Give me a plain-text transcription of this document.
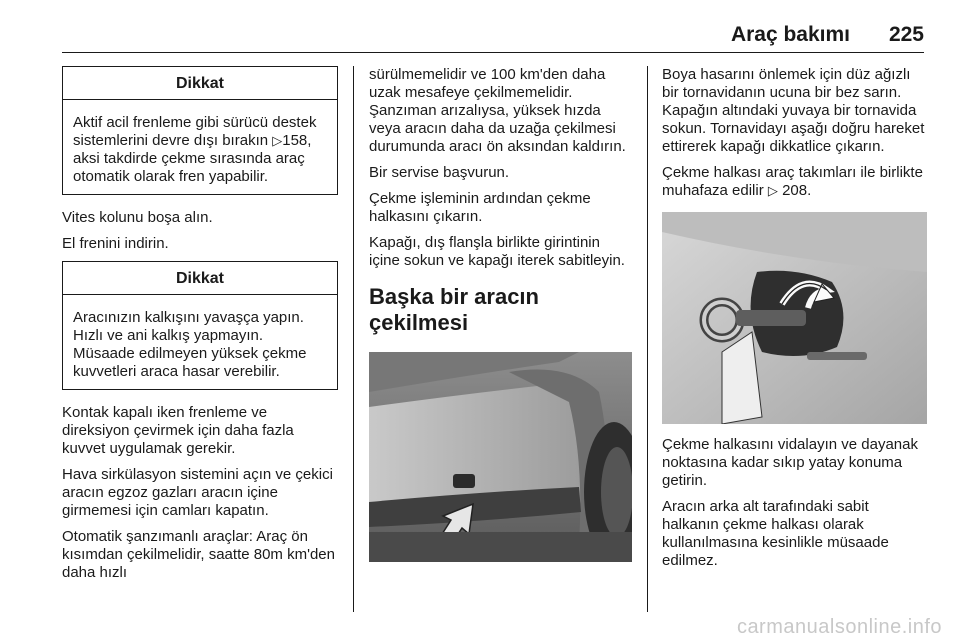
Araç bakımı 225
Dikkat
Aktif acil frenleme gibi sürücü destek sistemlerini devre dışı bırakın ▷158, aksi takdirde çekme sırasında araç otomatik olarak fren yapabilir.

Vites kolunu boşa alın.

El frenini indirin.

Dikkat
Aracınızın kalkışını yavaşça yapın. Hızlı ve ani kalkış yapmayın. Müsaade edilmeyen yüksek çekme kuvvetleri araca hasar verebilir.

Kontak kapalı iken frenleme ve direksiyon çevirmek için daha fazla kuvvet uygulamak gerekir.

Hava sirkülasyon sistemini açın ve çekici aracın egzoz gazları aracın içine girmemesi için camları kapatın.

Otomatik şanzımanlı araçlar: Araç ön kısımdan çekilmelidir, saatte 80m km'den daha hızlı

sürülmemelidir ve 100 km'den daha uzak mesafeye çekilmemelidir. Şanzıman arızalıysa, yüksek hızda veya aracın daha da uzağa çekilmesi durumunda aracı ön aksından kaldırın.

Bir servise başvurun.

Çekme işleminin ardından çekme halkasını çıkarın.

Kapağı, dış flanşla birlikte girintinin içine sokun ve kapağı iterek sabitleyin.

Başka bir aracın çekilmesi

Boya hasarını önlemek için düz ağızlı bir tornavidanın ucuna bir bez sarın. Kapağın altındaki yuvaya bir tornavida sokun. Tornavidayı aşağı doğru hareket ettirerek kapağı dikkatlice çıkarın.

Çekme halkası araç takımları ile birlikte muhafaza edilir ▷ 208.

Çekme halkasını vidalayın ve dayanak noktasına kadar sıkıp yatay konuma getirin.

Aracın arka alt tarafındaki sabit halkanın çekme halkası olarak kullanılmasına kesinlikle müsaade edilmez.

carmanualsonline.info
